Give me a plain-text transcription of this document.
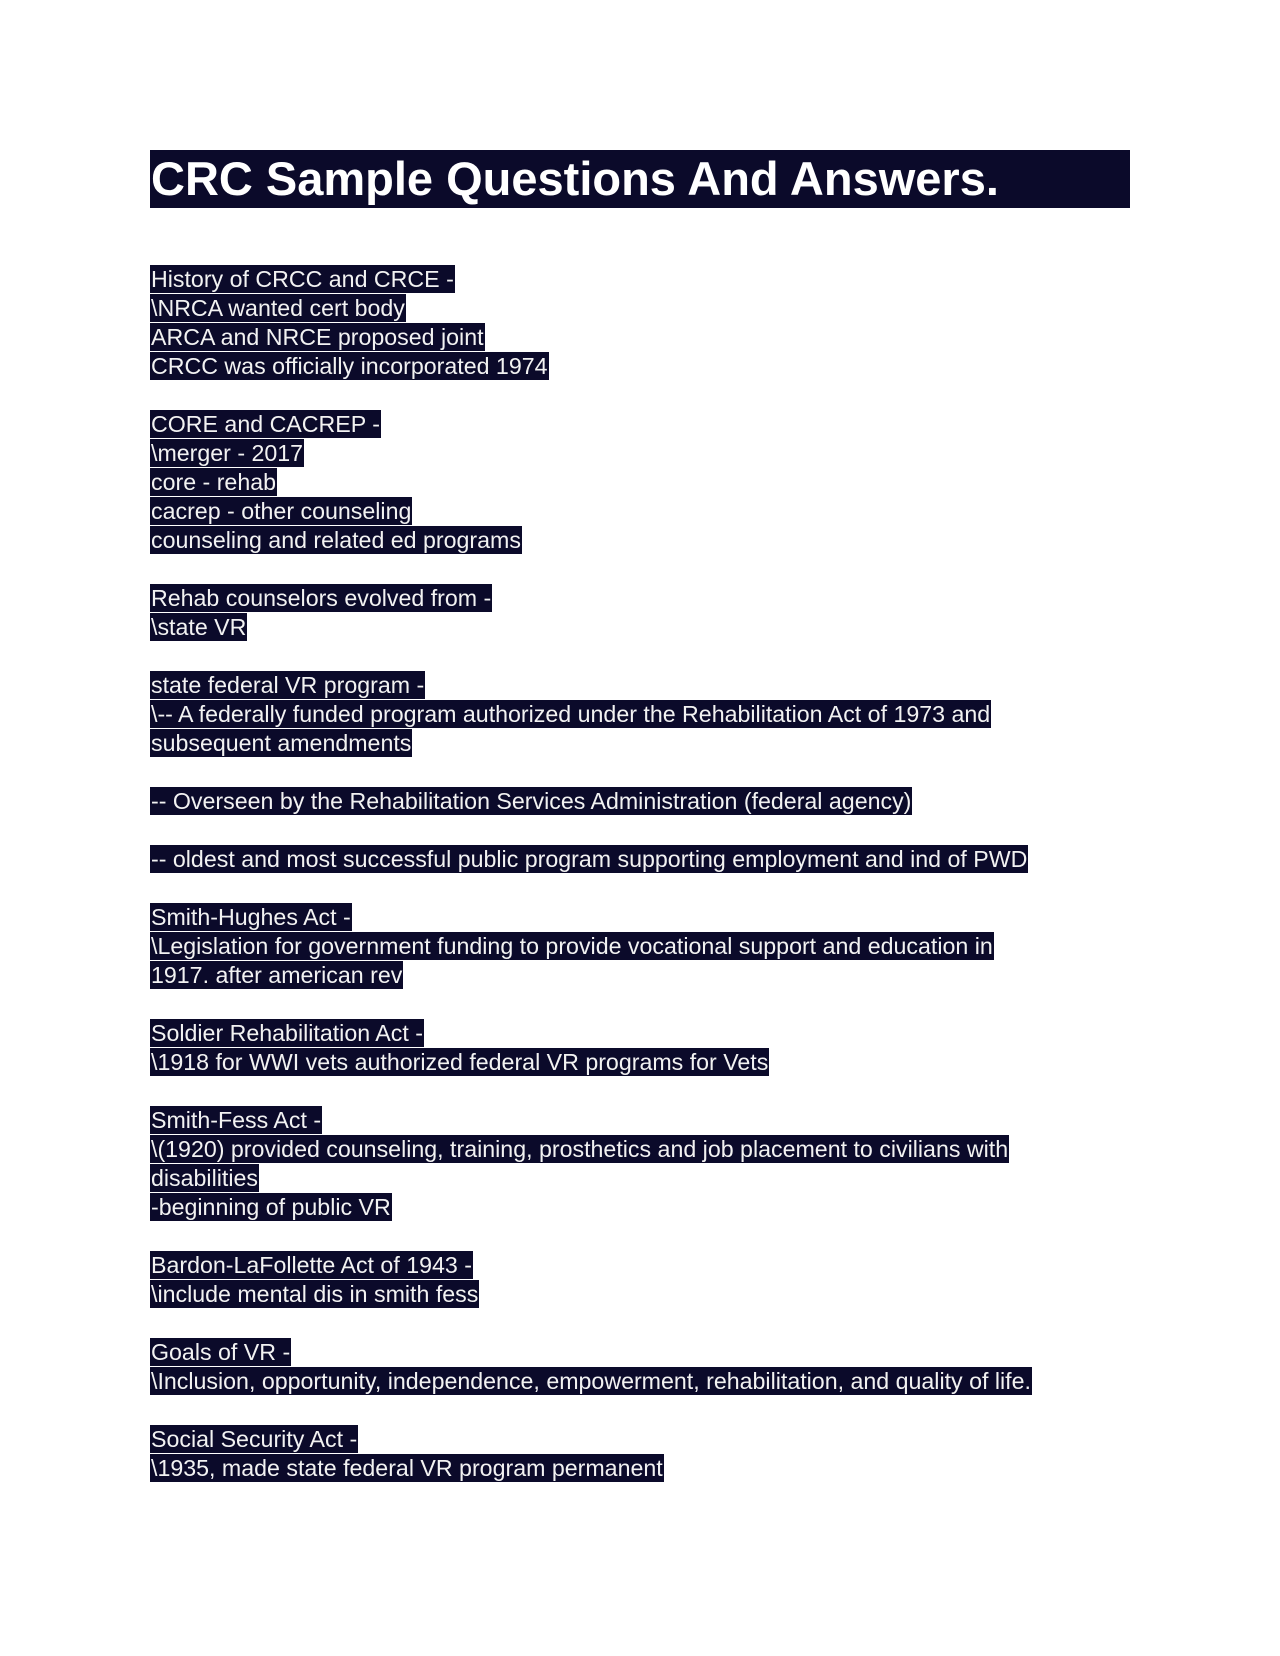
CRC Sample Questions And Answers.
History of CRCC and CRCE -
\NRCA wanted cert body
ARCA and NRCE proposed joint
CRCC was officially incorporated 1974
CORE and CACREP -
\merger - 2017
core - rehab
cacrep - other counseling
counseling and related ed programs
Rehab counselors evolved from -
\state VR
state federal VR program -
\-- A federally funded program authorized under the Rehabilitation Act of 1973 and
subsequent amendments
-- Overseen by the Rehabilitation Services Administration (federal agency)
-- oldest and most successful public program supporting employment and ind of PWD
Smith-Hughes Act -
\Legislation for government funding to provide vocational support and education in
1917. after american rev
Soldier Rehabilitation Act -
\1918 for WWI vets authorized federal VR programs for Vets
Smith-Fess Act -
\(1920) provided counseling, training, prosthetics and job placement to civilians with
disabilities
-beginning of public VR
Bardon-LaFollette Act of 1943 -
\include mental dis in smith fess
Goals of VR -
\Inclusion, opportunity, independence, empowerment, rehabilitation, and quality of life.
Social Security Act -
\1935, made state federal VR program permanent
